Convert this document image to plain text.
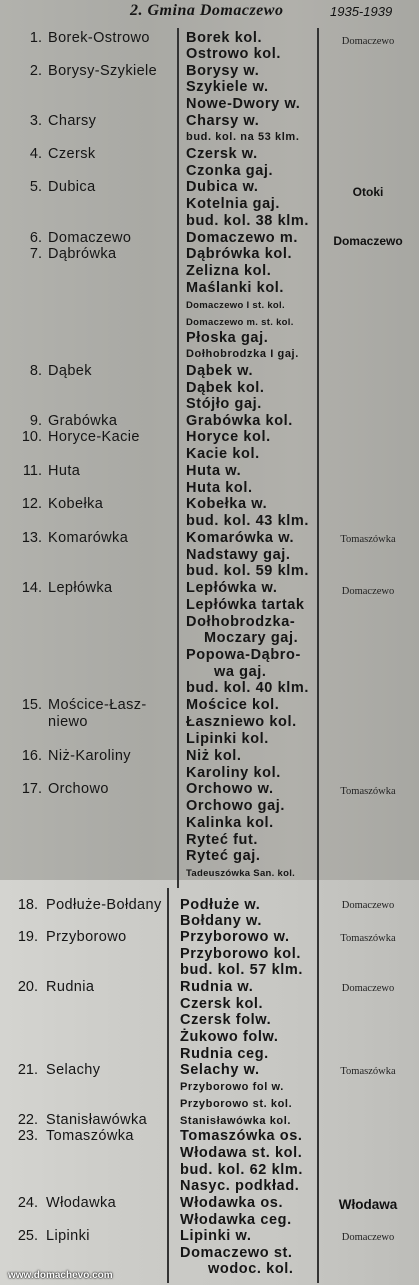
2. Gmina Domaczewo	1935-1939
1. Borek-Ostrowo
2. Borysy-Szykiele
3. Charsy
4. Czersk
5. Dubica
6. Domaczewo
7. Dąbrówka
8. Dąbek
9. Grabówka
10. Horyce-Kacie
11. Huta
12. Kobełka
13. Komarówka
14. Lepłówka
15. Mościce-Łasz-
niewo
16. Niż-Karoliny
17. Orchowo
18. Podłuże-Bołdany
19. Przyborowo
20. Rudnia
21. Selachy
22. Stanisławówka
23. Tomaszówka
24. Włodawka
25. Lipinki
Borek kol.
Ostrowo kol.
Borysy w.
Szykiele w.
Nowe-Dwory w.
Charsy w.
bud. kol. na 53 klm.
Czersk w.
Czonka gaj.
Dubica w.
Kotelnia gaj.
bud. kol. 38 klm.
Domaczewo m.
Dąbrówka kol.
Zelizna kol.
Maślanki kol.
Domaczewo I st. kol.
Domaczewo m. st. kol.
Płoska gaj.
Dołhobrodzka I gaj.
Dąbek w.
Dąbek kol.
Stójło gaj.
Grabówka kol.
Horyce kol.
Kacie kol.
Huta w.
Huta kol.
Kobełka w.
bud. kol. 43 klm.
Komarówka w.
Nadstawy gaj.
bud. kol. 59 klm.
Lepłówka w.
Lepłówka tartak
Dołhobrodzka-
Moczary gaj.
Popowa-Dąbro-
wa gaj.
bud. kol. 40 klm.
Mościce kol.
Łaszniewo kol.
Lipinki kol.
Niż kol.
Karoliny kol.
Orchowo w.
Orchowo gaj.
Kalinka kol.
Ryteć fut.
Ryteć gaj.
Tadeuszówka San. kol.
Podłuże w.
Bołdany w.
Przyborowo w.
Przyborowo kol.
bud. kol. 57 klm.
Rudnia w.
Czersk kol.
Czersk folw.
Żukowo folw.
Rudnia ceg.
Selachy w.
Przyborowo fol w.
Przyborowo st. kol.
Stanisławówka kol.
Tomaszówka os.
Włodawa st. kol.
bud. kol. 62 klm.
Nasyc. podkład.
Włodawka os.
Włodawka ceg.
Lipinki w.
Domaczewo st.
wodoc. kol.
Domaczewo
Otoki
Domaczewo
Tomaszówka
Domaczewo
Tomaszówka
Domaczewo
Tomaszówka
Domaczewo
Tomaszówka
Włodawa
Domaczewo
www.domachevo.com
